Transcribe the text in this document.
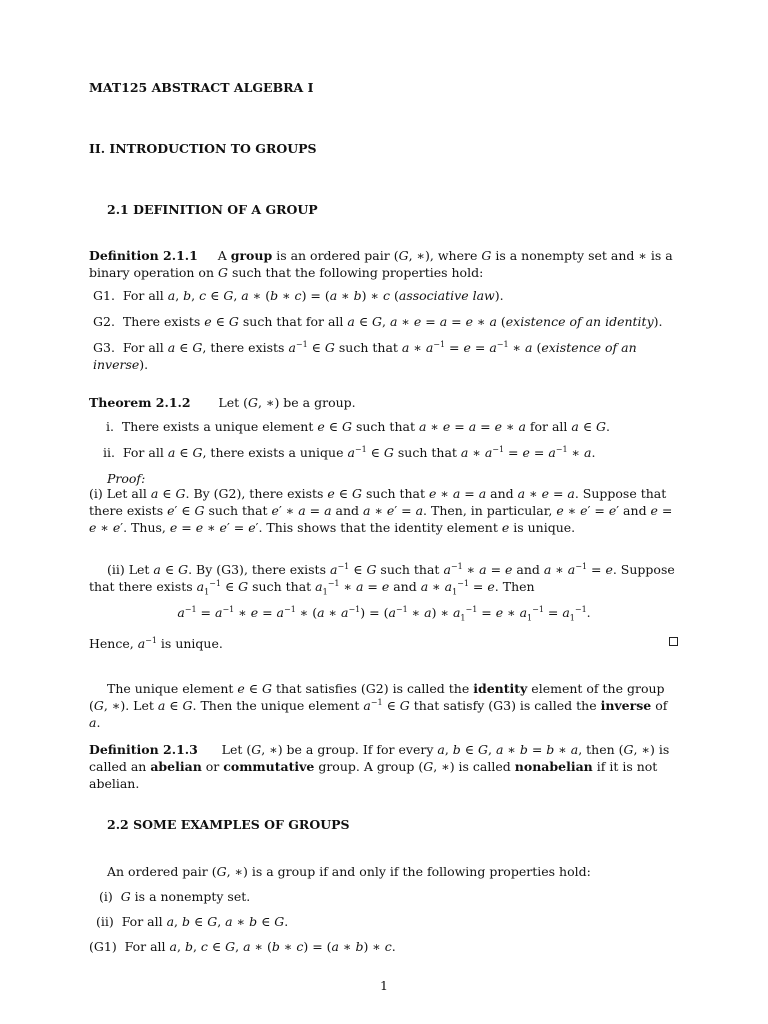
MAT125 ABSTRACT ALGEBRA I
II. INTRODUCTION TO GROUPS
2.1 DEFINITION OF A GROUP
Definition 2.1.1 A group is an ordered pair (G, ∗), where G is a nonempty set and ∗ is a binary operation on G such that the following properties hold:
G1.  For all a, b, c ∈ G, a ∗ (b ∗ c) = (a ∗ b) ∗ c (associative law).
G2.  There exists e ∈ G such that for all a ∈ G, a ∗ e = a = e ∗ a (existence of an identity).
G3.  For all a ∈ G, there exists $a^{-1}$ ∈ G such that a ∗ $a^{-1} = e = a^{-1}$ ∗ a (existence of an inverse).
Theorem 2.1.2 Let (G, ∗) be a group.
i.  There exists a unique element e ∈ G such that a ∗ e = a = e ∗ a for all a ∈ G.
ii.  For all a ∈ G, there exists a unique $a^{-1}$ ∈ G such that a ∗ $a^{-1} = e = a^{-1}$ ∗ a.
Proof:
(i) Let all a ∈ G. By (G2), there exists e ∈ G such that e ∗ a = a and a ∗ e = a. Suppose that there exists e′ ∈ G such that e′ ∗ a = a and a ∗ e′ = a. Then, in particular, e ∗ e′ = e′ and e = e ∗ e′. Thus, e = e ∗ e′ = e′. This shows that the identity element e is unique.
(ii) Let a ∈ G. By (G3), there exists $a^{-1}$ ∈ G such that $a^{-1}$ ∗ a = e and a ∗ $a^{-1} = e$. Suppose that there exists $a_1^{-1}$ ∈ G such that $a_1^{-1}$ ∗ a = e and a ∗ $a_1^{-1} = e$. Then
$a^{-1} = a^{-1}$ ∗ $e = a^{-1}$ ∗ (a ∗ $a^{-1}) = (a^{-1}$ ∗ a) ∗ $a_1^{-1} = e$ ∗ $a_1^{-1} = a_1^{-1}$.
Hence, $a^{-1}$ is unique.
The unique element e ∈ G that satisfies (G2) is called the identity element of the group (G, ∗). Let a ∈ G. Then the unique element $a^{-1}$ ∈ G that satisfy (G3) is called the inverse of a.
Definition 2.1.3 Let (G, ∗) be a group. If for every a, b ∈ G, a ∗ b = b ∗ a, then (G, ∗) is called an abelian or commutative group. A group (G, ∗) is called nonabelian if it is not abelian.
2.2 SOME EXAMPLES OF GROUPS
An ordered pair (G, ∗) is a group if and only if the following properties hold:
(i)  G is a nonempty set.
(ii)  For all a, b ∈ G, a ∗ b ∈ G.
(G1)  For all a, b, c ∈ G, a ∗ (b ∗ c) = (a ∗ b) ∗ c.
1
